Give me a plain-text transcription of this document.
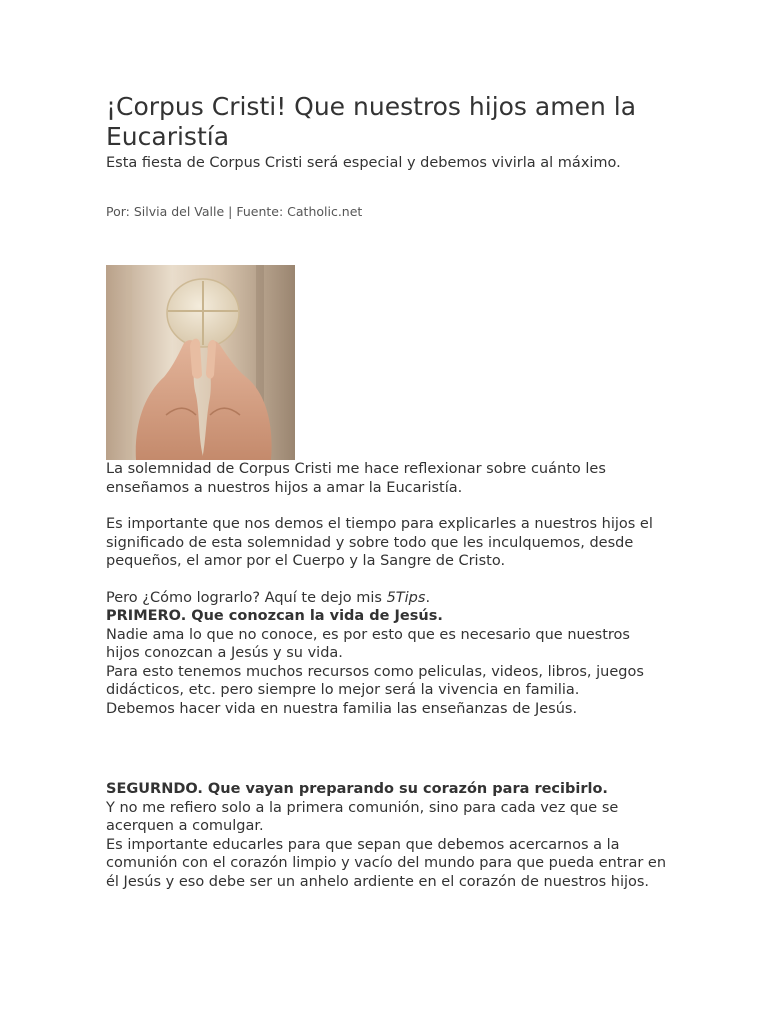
¡Corpus Cristi! Que nuestros hijos amen la Eucaristía

Esta fiesta de Corpus Cristi será especial y debemos vivirla al máximo.

Por: Silvia del Valle | Fuente: Catholic.net

La solemnidad de Corpus Cristi me hace reflexionar sobre cuánto les enseñamos a nuestros hijos a amar la Eucaristía.

Es importante que nos demos el tiempo para explicarles a nuestros hijos el significado de esta solemnidad y sobre todo que les inculquemos, desde pequeños, el amor por el Cuerpo y la Sangre de Cristo.

Pero ¿Cómo lograrlo? Aquí te dejo mis 5Tips.

PRIMERO. Que conozcan la vida de Jesús.

Nadie ama lo que no conoce, es por esto que es necesario que nuestros hijos conozcan a Jesús y su vida.

Para esto tenemos muchos recursos como peliculas, videos, libros, juegos didácticos, etc. pero siempre lo mejor será la vivencia en familia.

Debemos hacer vida en nuestra familia las enseñanzas de Jesús.

SEGURNDO. Que vayan preparando su corazón para recibirlo.

Y no me refiero solo a la primera comunión, sino para cada vez que se acerquen a comulgar.

Es importante educarles para que sepan que debemos acercarnos a la comunión con el corazón limpio y vacío del mundo para que pueda entrar en él Jesús y eso debe ser un anhelo ardiente en el corazón de nuestros hijos.
